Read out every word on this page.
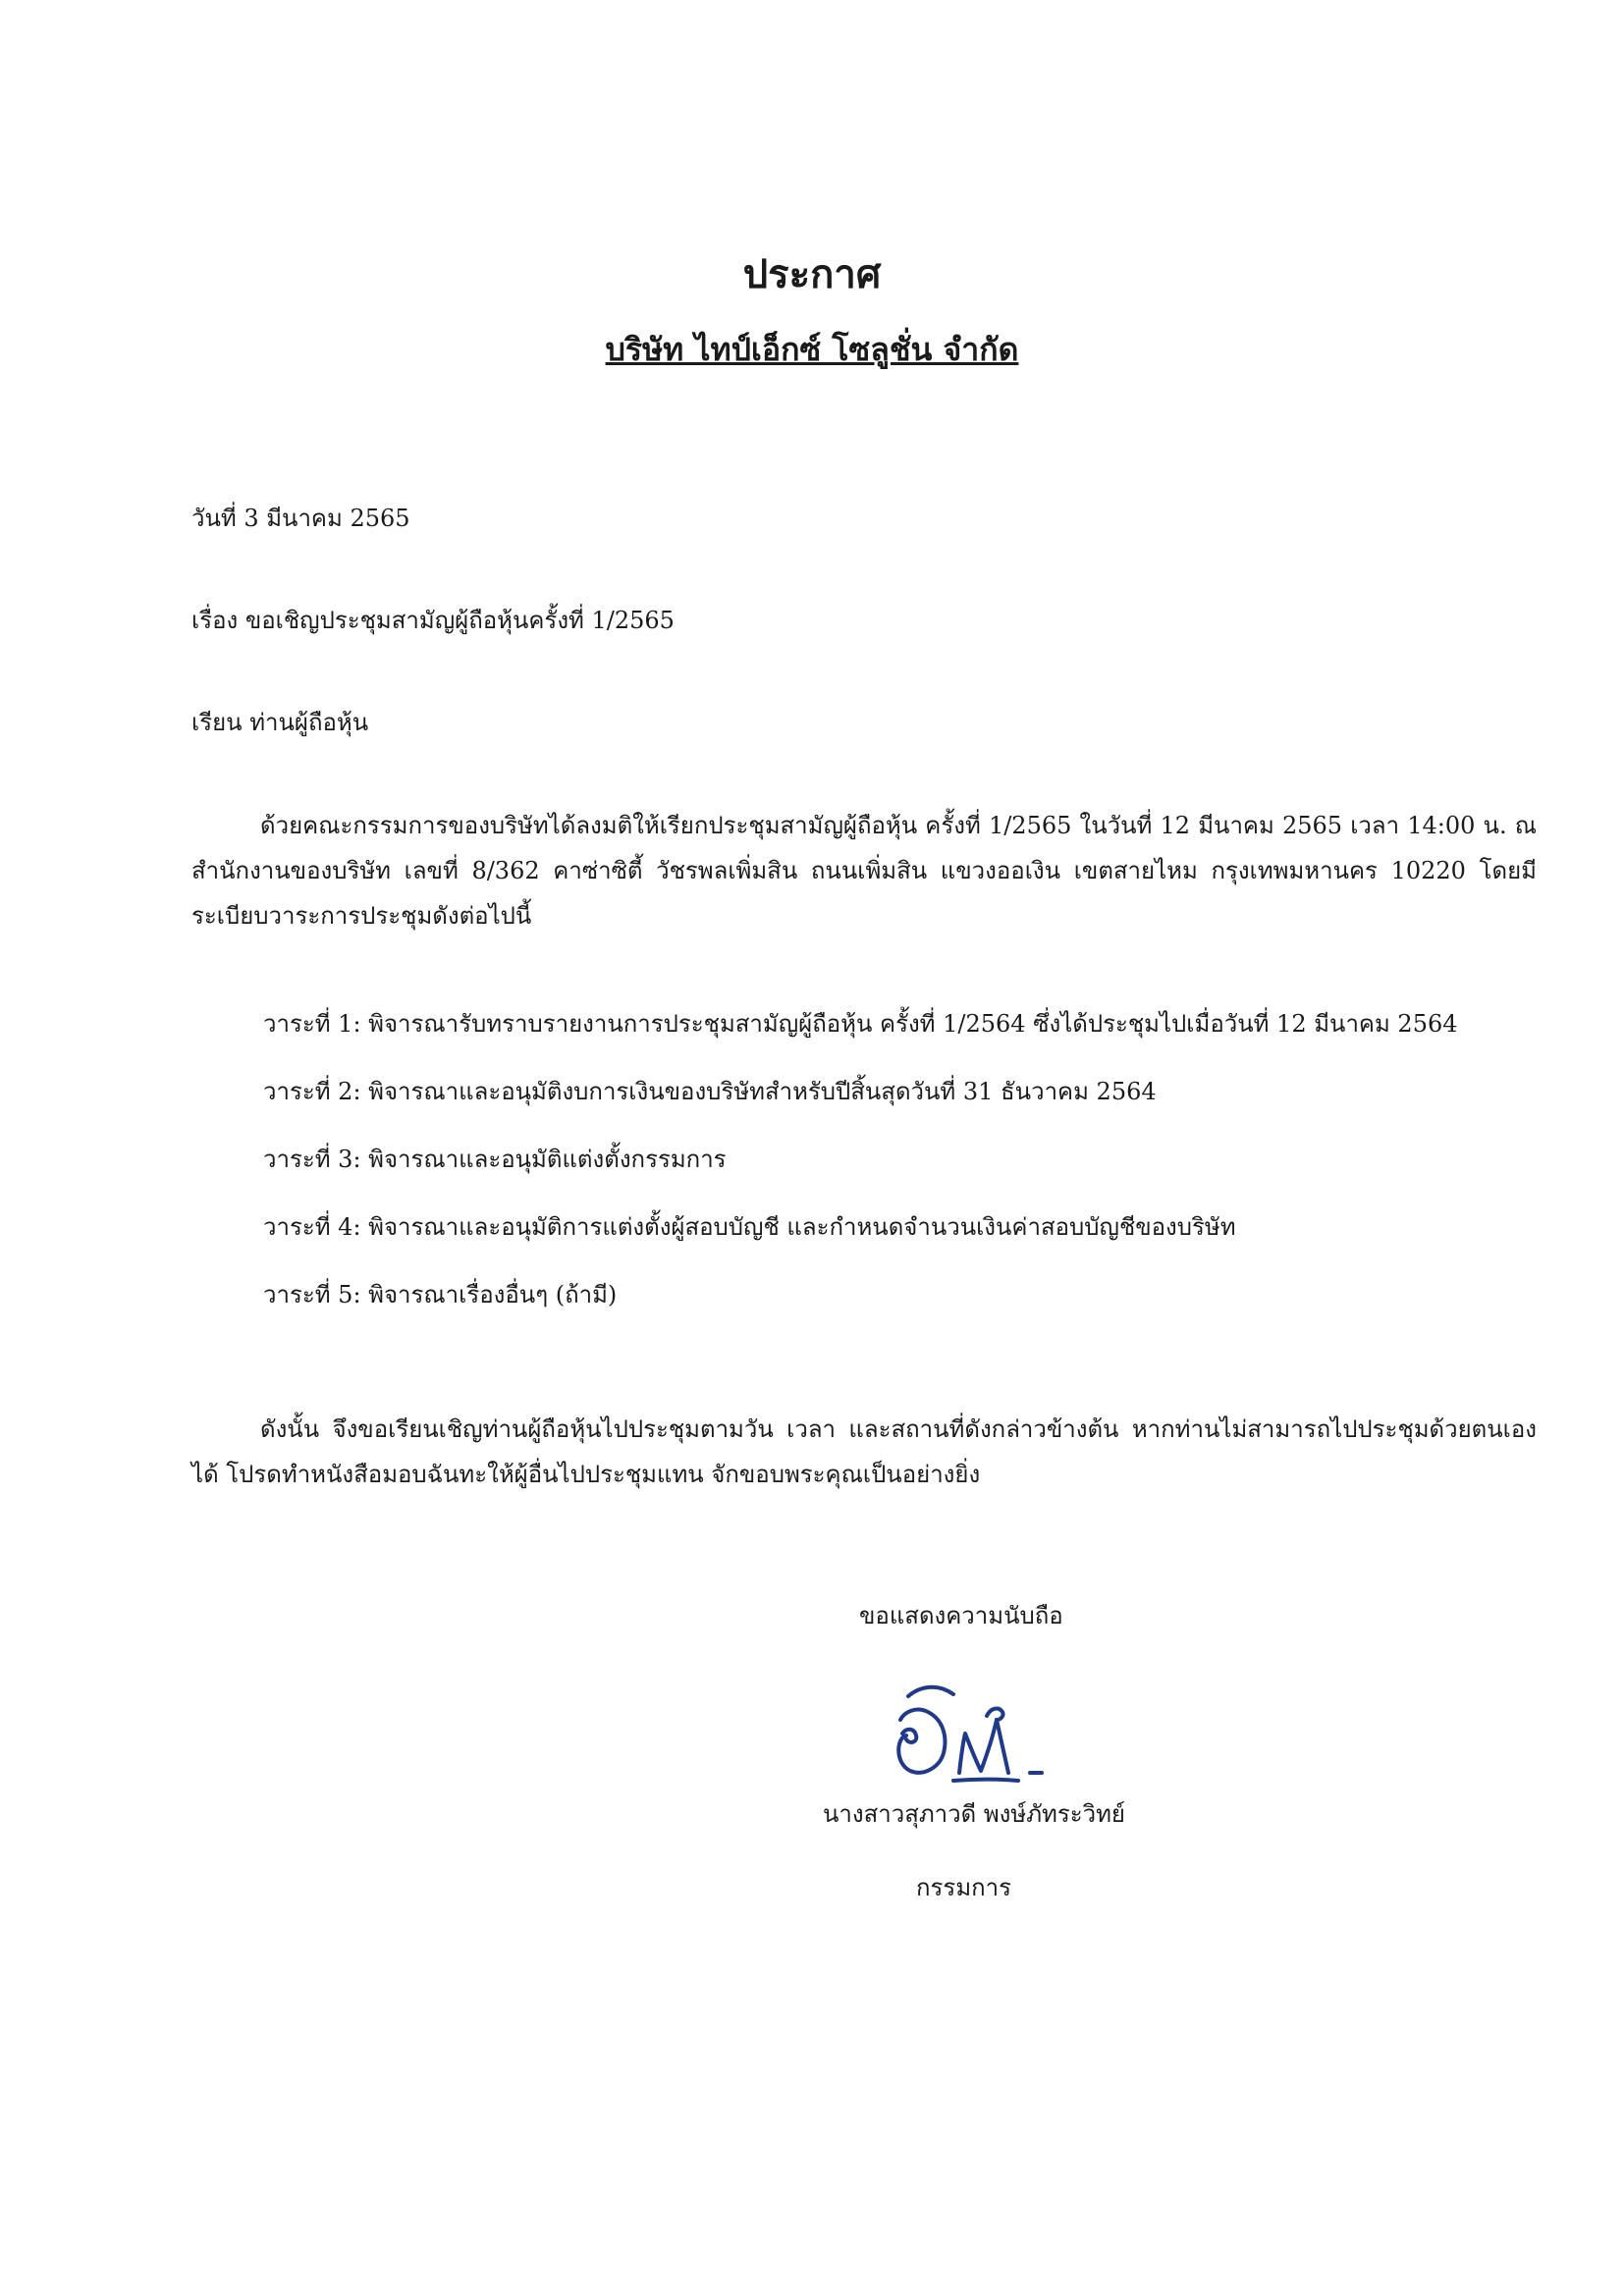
ประกาศ
บริษัท ไทป์เอ็กซ์ โซลูชั่น จำกัด
วันที่ 3 มีนาคม 2565
เรื่อง ขอเชิญประชุมสามัญผู้ถือหุ้นครั้งที่ 1/2565
เรียน ท่านผู้ถือหุ้น
ด้วยคณะกรรมการของบริษัทได้ลงมติให้เรียกประชุมสามัญผู้ถือหุ้น ครั้งที่ 1/2565 ในวันที่ 12 มีนาคม 2565 เวลา 14:00 น. ณ สำนักงานของบริษัท เลขที่ 8/362 คาซ่าซิตี้ วัชรพลเพิ่มสิน ถนนเพิ่มสิน แขวงออเงิน เขตสายไหม กรุงเทพมหานคร 10220 โดยมีระเบียบวาระการประชุมดังต่อไปนี้
วาระที่ 1: พิจารณารับทราบรายงานการประชุมสามัญผู้ถือหุ้น ครั้งที่ 1/2564 ซึ่งได้ประชุมไปเมื่อวันที่ 12 มีนาคม 2564
วาระที่ 2: พิจารณาและอนุมัติงบการเงินของบริษัทสำหรับปีสิ้นสุดวันที่ 31 ธันวาคม 2564
วาระที่ 3: พิจารณาและอนุมัติแต่งตั้งกรรมการ
วาระที่ 4: พิจารณาและอนุมัติการแต่งตั้งผู้สอบบัญชี และกำหนดจำนวนเงินค่าสอบบัญชีของบริษัท
วาระที่ 5: พิจารณาเรื่องอื่นๆ (ถ้ามี)
ดังนั้น จึงขอเรียนเชิญท่านผู้ถือหุ้นไปประชุมตามวัน เวลา และสถานที่ดังกล่าวข้างต้น หากท่านไม่สามารถไปประชุมด้วยตนเองได้ โปรดทำหนังสือมอบฉันทะให้ผู้อื่นไปประชุมแทน จักขอบพระคุณเป็นอย่างยิ่ง
ขอแสดงความนับถือ
นางสาวสุภาวดี พงษ์ภัทระวิทย์
กรรมการ
